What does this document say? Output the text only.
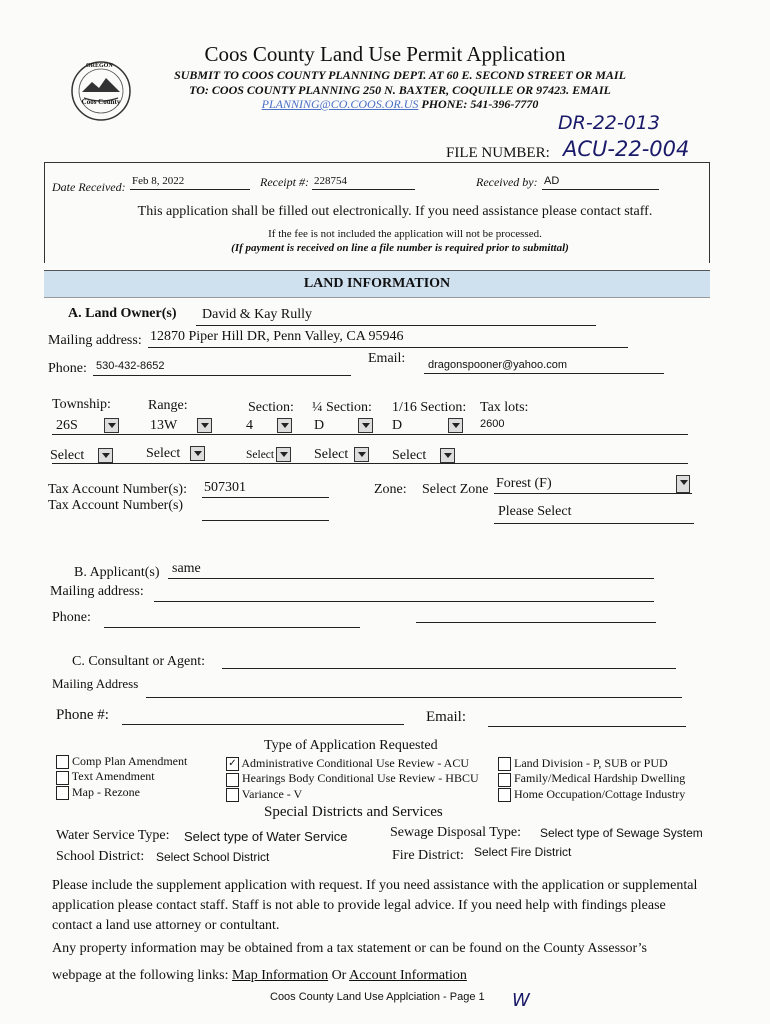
OREGON
Coos County
Coos County Land Use Permit Application
SUBMIT TO COOS COUNTY PLANNING DEPT. AT 60 E. SECOND STREET OR MAIL
TO: COOS COUNTY PLANNING 250 N. BAXTER, COQUILLE OR 97423. EMAIL
PLANNING@CO.COOS.OR.US PHONE: 541-396-7770
DR-22-013
FILE NUMBER: ACU-22-004
Date Received: Feb 8, 2022	Receipt #: 228754	Received by: AD
This application shall be filled out electronically. If you need assistance please contact staff.
If the fee is not included the application will not be processed.
(If payment is received on line a file number is required prior to submittal)
LAND INFORMATION
A. Land Owner(s) David & Kay Rully
Mailing address: 12870 Piper Hill DR, Penn Valley, CA 95946
Phone: 530-432-8652	Email: dragonspooner@yahoo.com
Township:	Range:	Section: ¼ Section: 1/16 Section: Tax lots:
26S	13W	4	D	D	2600
Select	Select	Select	Select	Select
Tax Account Number(s): 507301
Tax Account Number(s)
Zone: Select Zone Forest (F)
Please Select
B. Applicant(s) same
Mailing address:
Phone:
C. Consultant or Agent:
Mailing Address
Phone #:	Email:
Type of Application Requested
Comp Plan Amendment
Text Amendment
Map - Rezone
✓ Administrative Conditional Use Review - ACU
Hearings Body Conditional Use Review - HBCU
Variance - V
Land Division - P, SUB or PUD
Family/Medical Hardship Dwelling
Home Occupation/Cottage Industry
Special Districts and Services
Water Service Type: Select type of Water Service	Sewage Disposal Type: Select type of Sewage System
School District: Select School District	Fire District: Select Fire District
Please include the supplement application with request. If you need assistance with the application or supplemental application please contact staff. Staff is not able to provide legal advice. If you need help with findings please contact a land use attorney or contultant.
Any property information may be obtained from a tax statement or can be found on the County Assessor’s
webpage at the following links: Map Information Or Account Information
Coos County Land Use Applciation - Page 1 W
